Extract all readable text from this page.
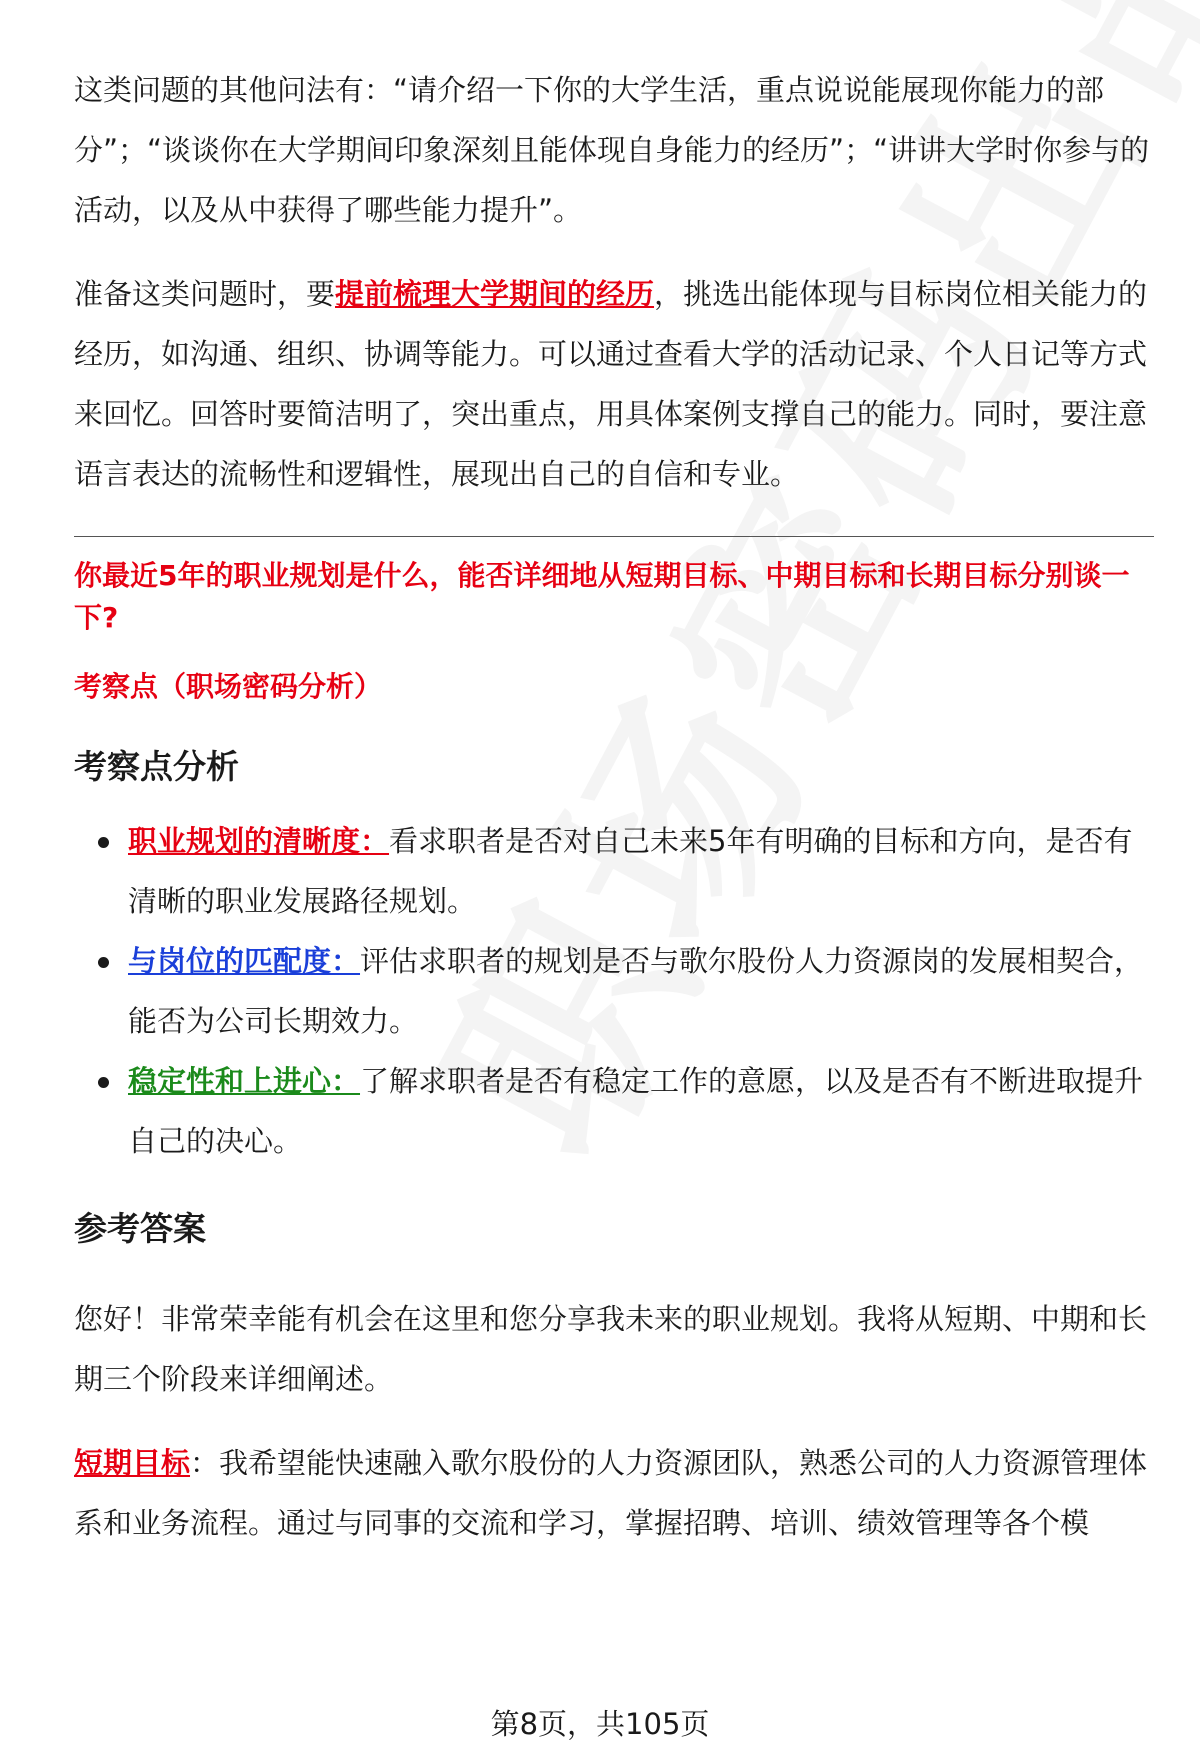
这类问题的其他问法有：“请介绍一下你的大学生活，重点说说能展现你能力的部分”；“谈谈你在大学期间印象深刻且能体现自身能力的经历”；“讲讲大学时你参与的活动，以及从中获得了哪些能力提升”。

准备这类问题时，要提前梳理大学期间的经历，挑选出能体现与目标岗位相关能力的经历，如沟通、组织、协调等能力。可以通过查看大学的活动记录、个人日记等方式来回忆。回答时要简洁明了，突出重点，用具体案例支撑自己的能力。同时，要注意语言表达的流畅性和逻辑性，展现出自己的自信和专业。

你最近5年的职业规划是什么，能否详细地从短期目标、中期目标和长期目标分别谈一下?
考察点（职场密码分析）
考察点分析
职业规划的清晰度：看求职者是否对自己未来5年有明确的目标和方向，是否有清晰的职业发展路径规划。
与岗位的匹配度：评估求职者的规划是否与歌尔股份人力资源岗的发展相契合，能否为公司长期效力。
稳定性和上进心：了解求职者是否有稳定工作的意愿，以及是否有不断进取提升自己的决心。
参考答案

您好！非常荣幸能有机会在这里和您分享我未来的职业规划。我将从短期、中期和长期三个阶段来详细阐述。

短期目标：我希望能快速融入歌尔股份的人力资源团队，熟悉公司的人力资源管理体系和业务流程。通过与同事的交流和学习，掌握招聘、培训、绩效管理等各个模

第8页，共105页
